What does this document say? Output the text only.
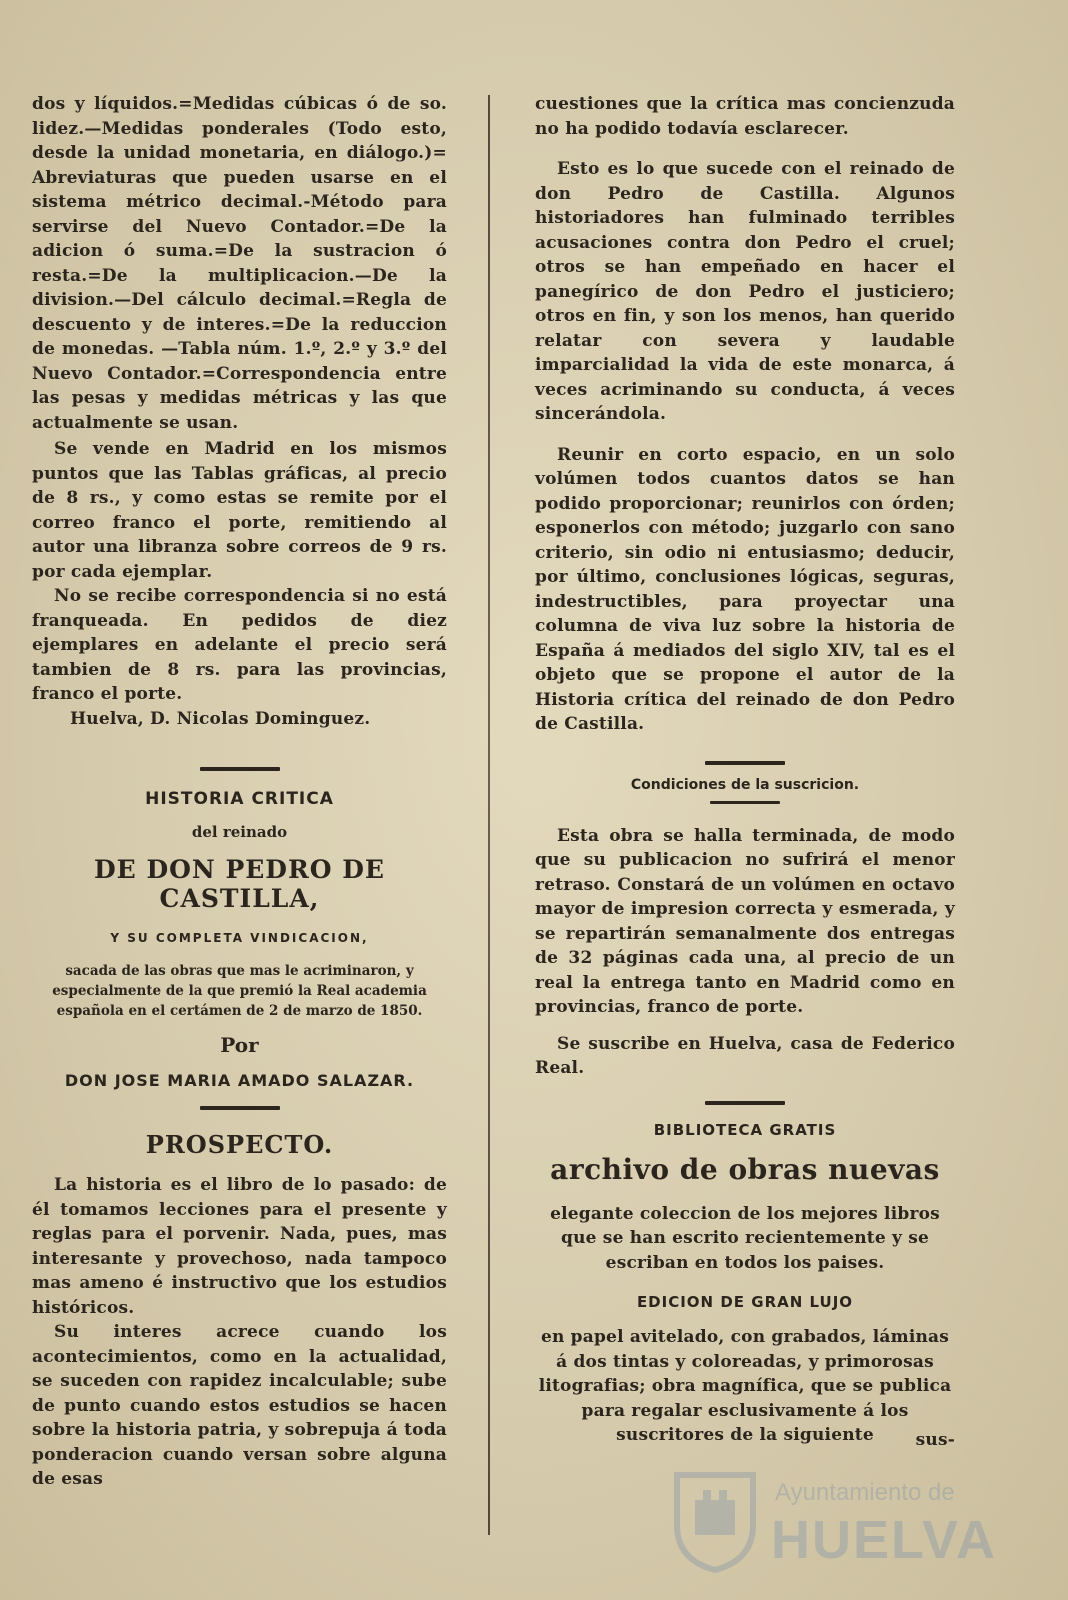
dos y líquidos.=Medidas cúbicas ó de so. lidez.—Medidas ponderales (Todo esto, desde la unidad monetaria, en diálogo.)= Abreviaturas que pueden usarse en el sistema métrico decimal.-Método para servirse del Nuevo Contador.=De la adicion ó suma.=De la sustracion ó resta.=De la multiplicacion.—De la division.—Del cálculo decimal.=Regla de descuento y de interes.=De la reduccion de monedas. —Tabla núm. 1.º, 2.º y 3.º del Nuevo Contador.=Correspondencia entre las pesas y medidas métricas y las que actualmente se usan.

Se vende en Madrid en los mismos puntos que las Tablas gráficas, al precio de 8 rs., y como estas se remite por el correo franco el porte, remitiendo al autor una libranza sobre correos de 9 rs. por cada ejemplar.

No se recibe correspondencia si no está franqueada. En pedidos de diez ejemplares en adelante el precio será tambien de 8 rs. para las provincias, franco el porte.

Huelva, D. Nicolas Dominguez.

HISTORIA CRITICA

del reinado

DE DON PEDRO DE CASTILLA,

Y SU COMPLETA VINDICACION,

sacada de las obras que mas le acriminaron, y especialmente de la que premió la Real academia española en el certámen de 2 de marzo de 1850.

Por

DON JOSE MARIA AMADO SALAZAR.

PROSPECTO.

La historia es el libro de lo pasado: de él tomamos lecciones para el presente y reglas para el porvenir. Nada, pues, mas interesante y provechoso, nada tampoco mas ameno é instructivo que los estudios históricos.

Su interes acrece cuando los acontecimientos, como en la actualidad, se suceden con rapidez incalculable; sube de punto cuando estos estudios se hacen sobre la historia patria, y sobrepuja á toda ponderacion cuando versan sobre alguna de esas

cuestiones que la crítica mas concienzuda no ha podido todavía esclarecer.

Esto es lo que sucede con el reinado de don Pedro de Castilla. Algunos historiadores han fulminado terribles acusaciones contra don Pedro el cruel; otros se han empeñado en hacer el panegírico de don Pedro el justiciero; otros en fin, y son los menos, han querido relatar con severa y laudable imparcialidad la vida de este monarca, á veces acriminando su conducta, á veces sincerándola.

Reunir en corto espacio, en un solo volúmen todos cuantos datos se han podido proporcionar; reunirlos con órden; esponerlos con método; juzgarlo con sano criterio, sin odio ni entusiasmo; deducir, por último, conclusiones lógicas, seguras, indestructibles, para proyectar una columna de viva luz sobre la historia de España á mediados del siglo XIV, tal es el objeto que se propone el autor de la Historia crítica del reinado de don Pedro de Castilla.

Condiciones de la suscricion.

Esta obra se halla terminada, de modo que su publicacion no sufrirá el menor retraso. Constará de un volúmen en octavo mayor de impresion correcta y esmerada, y se repartirán semanalmente dos entregas de 32 páginas cada una, al precio de un real la entrega tanto en Madrid como en provincias, franco de porte.

Se suscribe en Huelva, casa de Federico Real.

BIBLIOTECA GRATIS

archivo de obras nuevas

elegante coleccion de los mejores libros que se han escrito recientemente y se escriban en todos los paises.

EDICION DE GRAN LUJO

en papel avitelado, con grabados, láminas á dos tintas y coloreadas, y primorosas litografias; obra magnífica, que se publica para regalar esclusivamente á los suscritores de la siguiente	sus-

Ayuntamiento de
HUELVA
